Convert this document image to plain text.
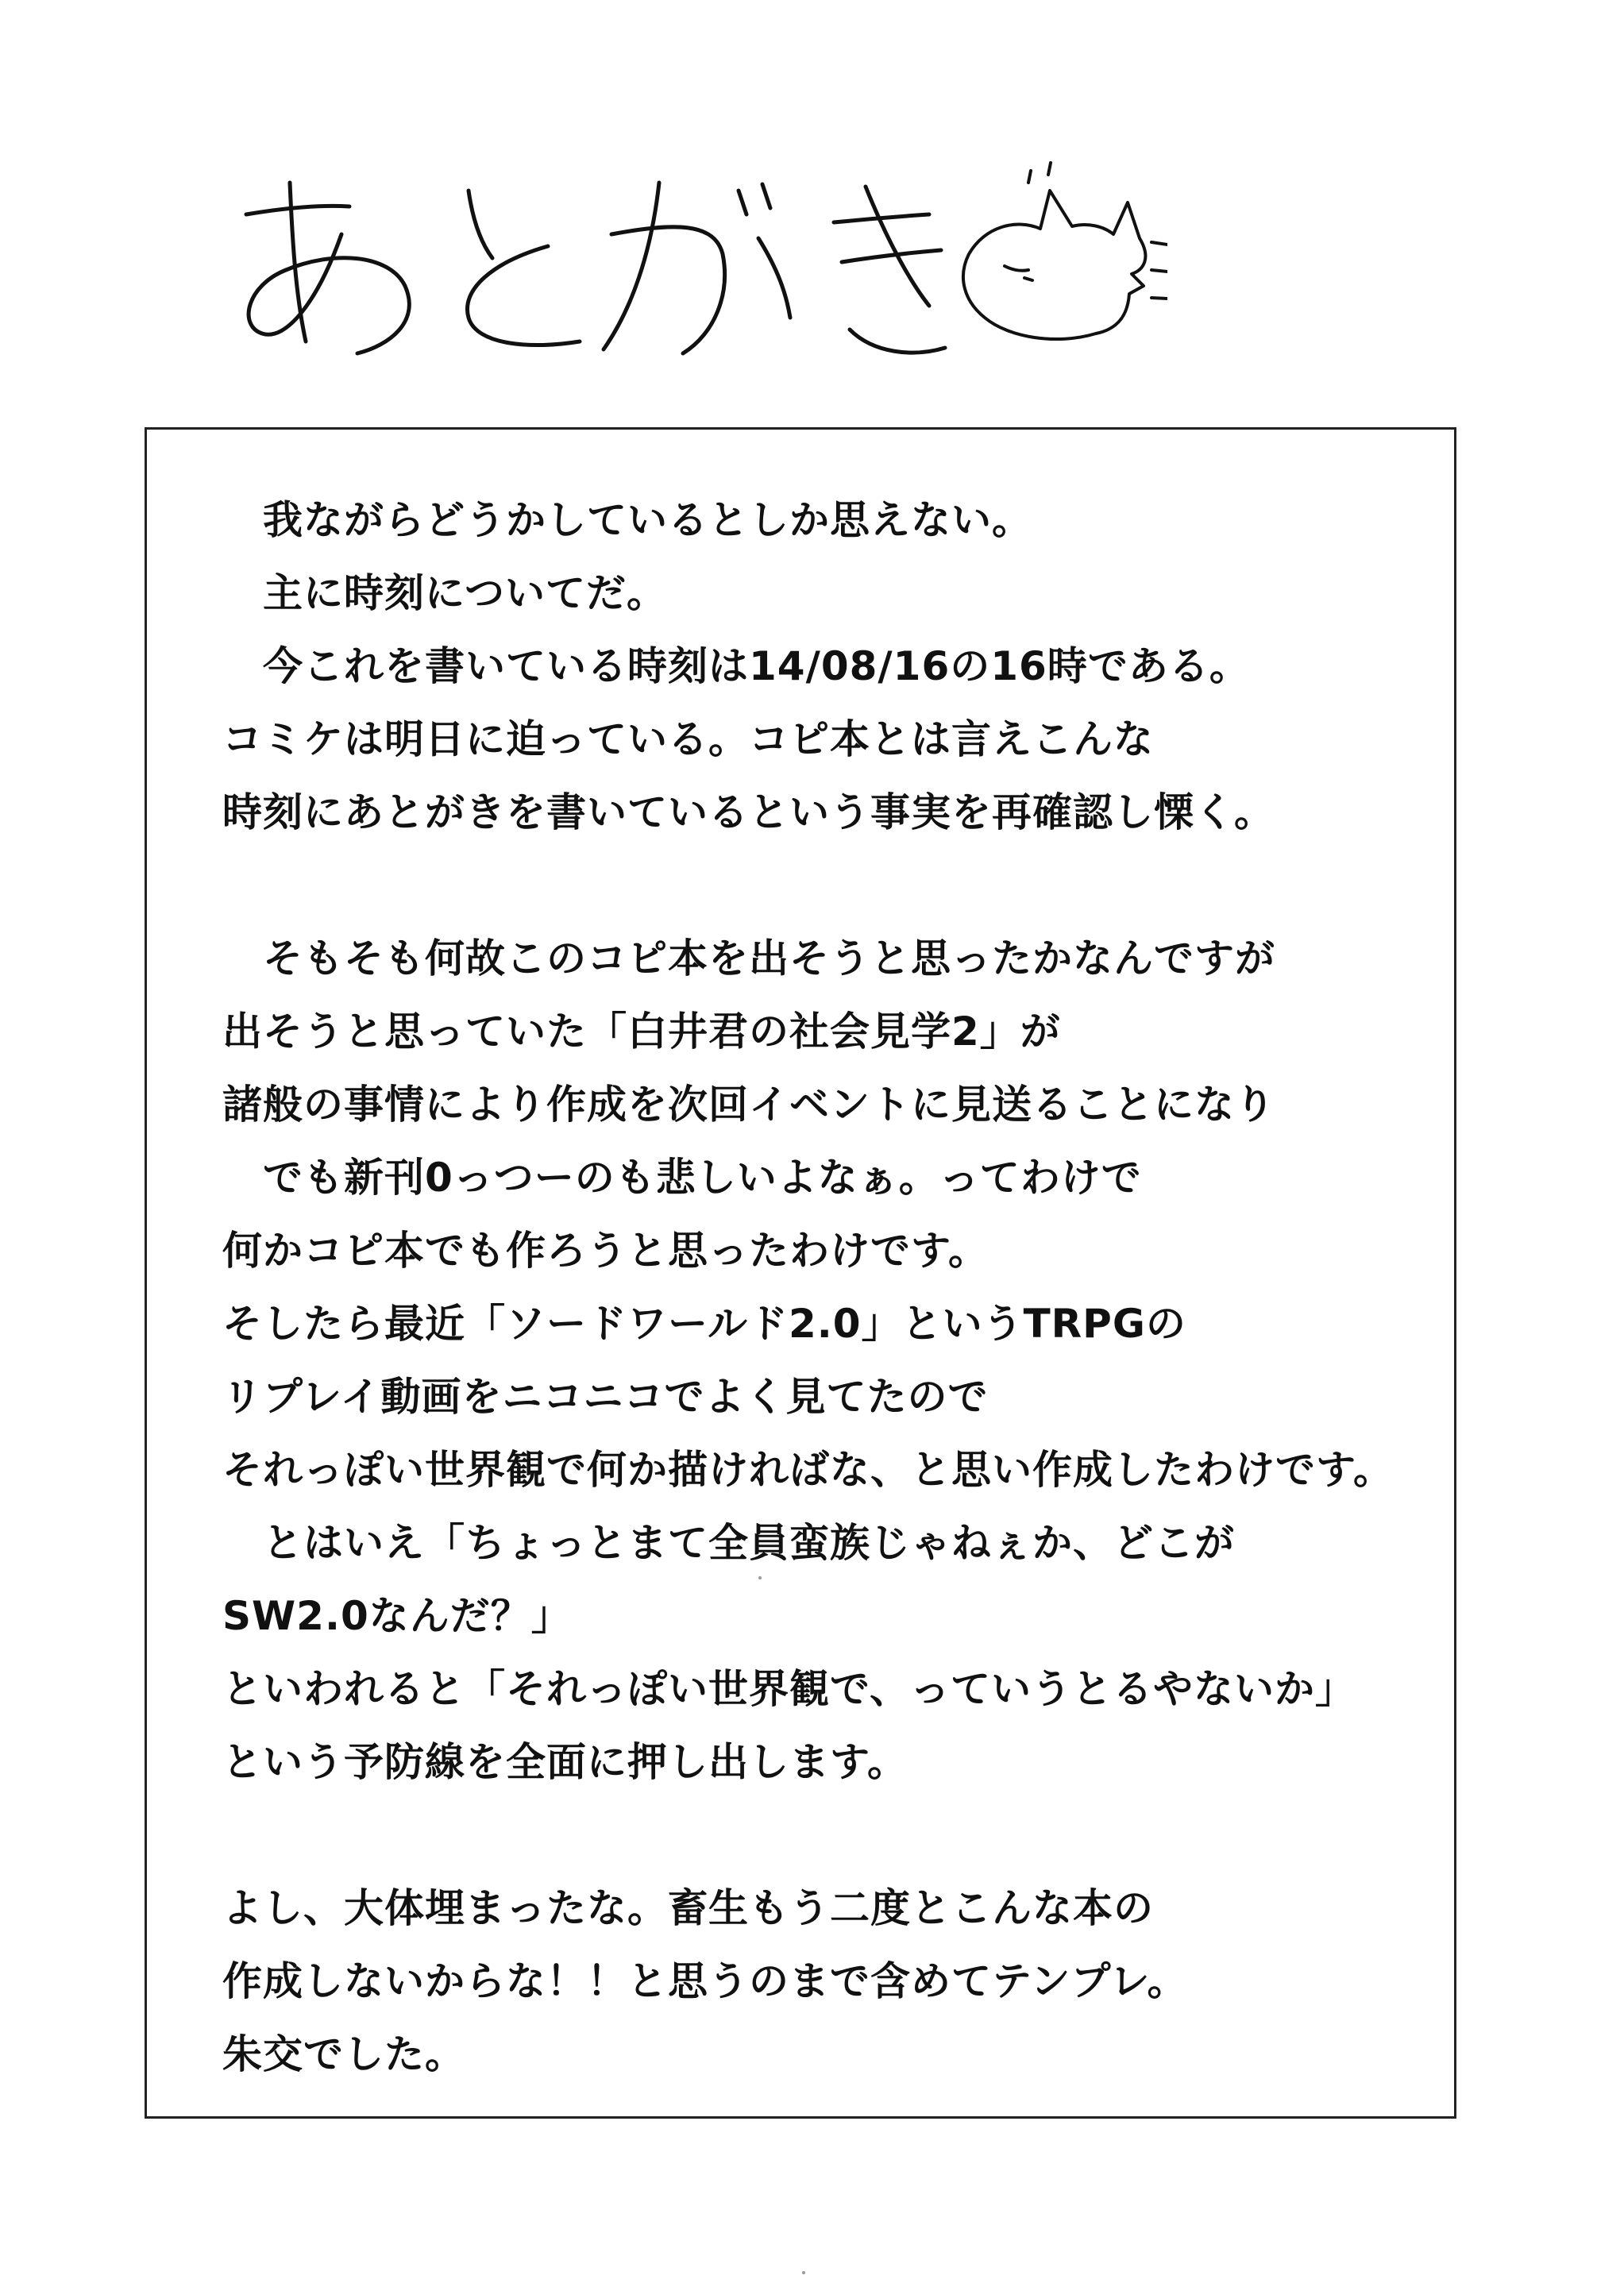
　我ながらどうかしているとしか思えない。
　主に時刻についてだ。
　今これを書いている時刻は14/08/16の16時である。
コミケは明日に迫っている。コピ本とは言えこんな
時刻にあとがきを書いているという事実を再確認し慄く。
　そもそも何故このコピ本を出そうと思ったかなんですが
出そうと思っていた「白井君の社会見学2」が
諸般の事情により作成を次回イベントに見送ることになり
　でも新刊0っつーのも悲しいよなぁ。ってわけで
何かコピ本でも作ろうと思ったわけです。
そしたら最近「ソードワールド2.0」というTRPGの
リプレイ動画をニコニコでよく見てたので
それっぽい世界観で何か描ければな、と思い作成したわけです。
　とはいえ「ちょっとまて全員蛮族じゃねぇか、どこが
SW2.0なんだ？」
といわれると「それっぽい世界観で、っていうとるやないか」
という予防線を全面に押し出します。
よし、大体埋まったな。畜生もう二度とこんな本の
作成しないからな！！と思うのまで含めてテンプレ。
朱交でした。
